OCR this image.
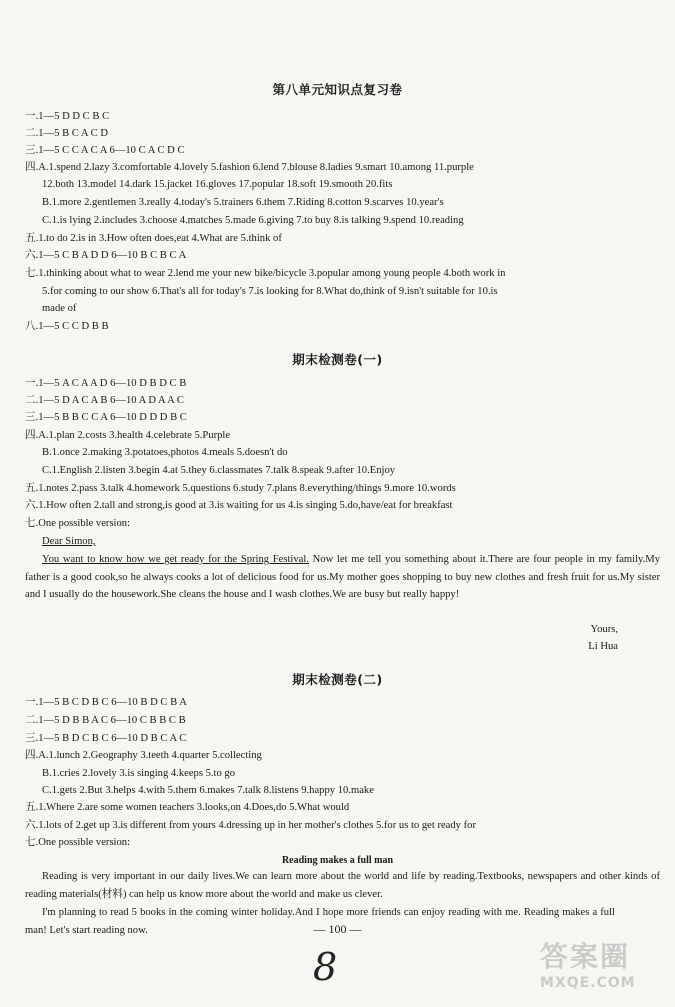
第八单元知识点复习卷
一.1—5 D D C B C
二.1—5 B C A C D
三.1—5 C C A C A 6—10 C A C D C
四.A.1.spend 2.lazy 3.comfortable 4.lovely 5.fashion 6.lend 7.blouse 8.ladies 9.smart 10.among 11.purple
12.both 13.model 14.dark 15.jacket 16.gloves 17.popular 18.soft 19.smooth 20.fits
B.1.more 2.gentlemen 3.really 4.today's 5.trainers 6.them 7.Riding 8.cotton 9.scarves 10.year's
C.1.is lying 2.includes 3.choose 4.matches 5.made 6.giving 7.to buy 8.is talking 9.spend 10.reading
五.1.to do 2.is in 3.How often does,eat 4.What are 5.think of
六.1—5 C B A D D 6—10 B C B C A
七.1.thinking about what to wear 2.lend me your new bike/bicycle 3.popular among young people 4.both work in
5.for coming to our show 6.That's all for today's 7.is looking for 8.What do,think of 9.isn't suitable for 10.is
made of
八.1—5 C C D B B
期末检测卷(一)
一.1—5 A C A A D 6—10 D B D C B
二.1—5 D A C A B 6—10 A D A A C
三.1—5 B B C C A 6—10 D D D B C
四.A.1.plan 2.costs 3.health 4.celebrate 5.Purple
B.1.once 2.making 3.potatoes,photos 4.meals 5.doesn't do
C.1.English 2.listen 3.begin 4.at 5.they 6.classmates 7.talk 8.speak 9.after 10.Enjoy
五.1.notes 2.pass 3.talk 4.homework 5.questions 6.study 7.plans 8.everything/things 9.more 10.words
六.1.How often 2.tall and strong,is good at 3.is waiting for us 4.is singing 5.do,have/eat for breakfast
七.One possible version:
Dear Simon,
You want to know how we get ready for the Spring Festival. Now let me tell you something about it.There are four people in my family.My father is a good cook,so he always cooks a lot of delicious food for us.My mother goes shopping to buy new clothes and fresh fruit for us.My sister and I usually do the housework.She cleans the house and I wash clothes.We are busy but really happy!
Yours,
Li Hua
期末检测卷(二)
一.1—5 B C D B C 6—10 B D C B A
二.1—5 D B B A C 6—10 C B B C B
三.1—5 B D C B C 6—10 D B C A C
四.A.1.lunch 2.Geography 3.teeth 4.quarter 5.collecting
B.1.cries 2.lovely 3.is singing 4.keeps 5.to go
C.1.gets 2.But 3.helps 4.with 5.them 6.makes 7.talk 8.listens 9.happy 10.make
五.1.Where 2.are some women teachers 3.looks,on 4.Does,do 5.What would
六.1.lots of 2.get up 3.is different from yours 4.dressing up in her mother's clothes 5.for us to get ready for
七.One possible version:
Reading makes a full man
Reading is very important in our daily lives.We can learn more about the world and life by reading.Textbooks, newspapers and other kinds of reading materials(材料) can help us know more about the world and make us clever.
I'm planning to read 5 books in the coming winter holiday.And I hope more friends can enjoy reading with me. Reading makes a full man! Let's start reading now.	— 100 —
8	答案圈
MXQE.COM
